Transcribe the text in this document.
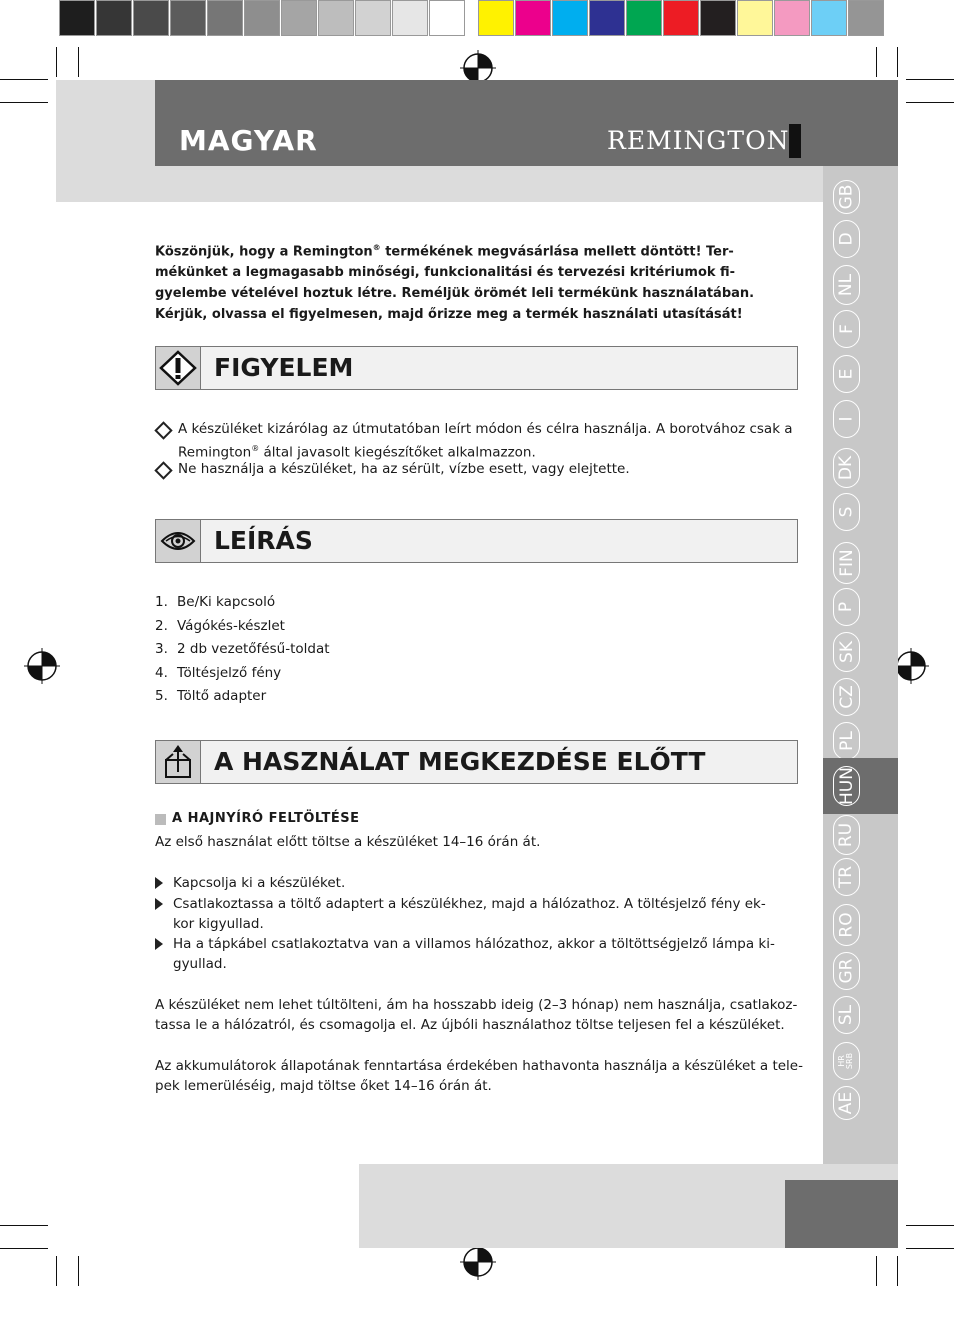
MAGYAR	REMINGTON
GB
D
NL
F
E
I
DK
S
FIN
P
SK
CZ
PL
HUN
RU
TR
RO
GR
SL
HR
SRB
AE
Köszönjük, hogy a Remington® termékének megvásárlása mellett döntött! Ter-
mékünket a legmagasabb minőségi, funkcionalitási és tervezési kritériumok fi-
gyelembe vételével hoztuk létre. Reméljük örömét leli termékünk használatában.
Kérjük, olvassa el figyelmesen, majd őrizze meg a termék használati utasítását!
FIGYELEM
A készüléket kizárólag az útmutatóban leírt módon és célra használja. A borotvához csak a
Remington® által javasolt kiegészítőket alkalmazzon.
Ne használja a készüléket, ha az sérült, vízbe esett, vagy elejtette.
LEÍRÁS
1. Be/Ki kapcsoló
2. Vágókés-készlet
3. 2 db vezetőfésű-toldat
4. Töltésjelző fény
5. Töltő adapter
A HASZNÁLAT MEGKEZDÉSE ELŐTT
A HAJNYÍRÓ FELTÖLTÉSE
Az első használat előtt töltse a készüléket 14–16 órán át.
Kapcsolja ki a készüléket.
Csatlakoztassa a töltő adaptert a készülékhez, majd a hálózathoz. A töltésjelző fény ek-
kor kigyullad.
Ha a tápkábel csatlakoztatva van a villamos hálózathoz, akkor a töltöttségjelző lámpa ki-
gyullad.
A készüléket nem lehet túltölteni, ám ha hosszabb ideig (2–3 hónap) nem használja, csatlakoz-
tassa le a hálózatról, és csomagolja el. Az újbóli használathoz töltse teljesen fel a készüléket.
Az akkumulátorok állapotának fenntartása érdekében hathavonta használja a készüléket a tele-
pek lemerüléséig, majd töltse őket 14–16 órán át.
